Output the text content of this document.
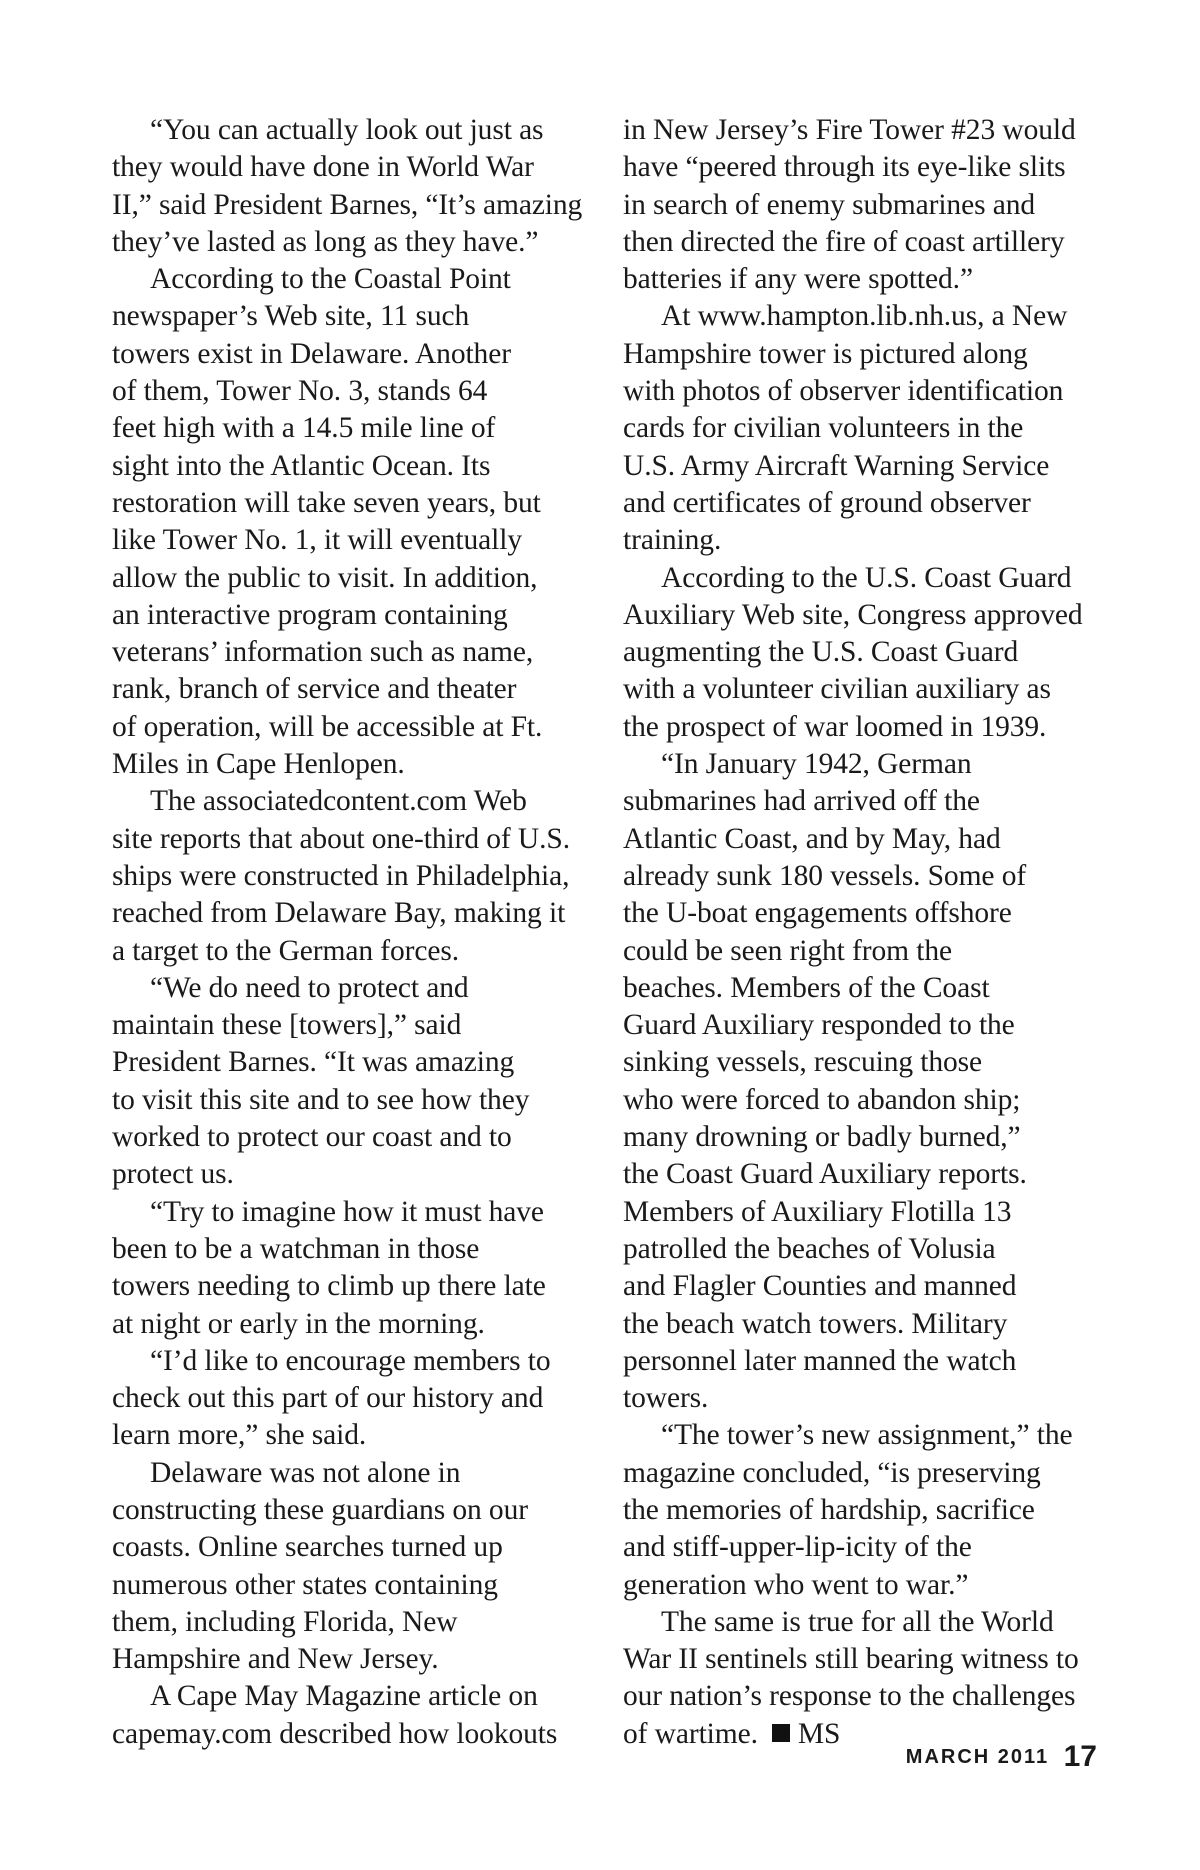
“You can actually look out just as
they would have done in World War
II,” said President Barnes, “It’s amazing
they’ve lasted as long as they have.”
According to the Coastal Point
newspaper’s Web site, 11 such
towers exist in Delaware. Another
of them, Tower No. 3, stands 64
feet high with a 14.5 mile line of
sight into the Atlantic Ocean. Its
restoration will take seven years, but
like Tower No. 1, it will eventually
allow the public to visit. In addition,
an interactive program containing
veterans’ information such as name,
rank, branch of service and theater
of operation, will be accessible at Ft.
Miles in Cape Henlopen.
The associatedcontent.com Web
site reports that about one-third of U.S.
ships were constructed in Philadelphia,
reached from Delaware Bay, making it
a target to the German forces.
“We do need to protect and
maintain these [towers],” said
President Barnes. “It was amazing
to visit this site and to see how they
worked to protect our coast and to
protect us.
“Try to imagine how it must have
been to be a watchman in those
towers needing to climb up there late
at night or early in the morning.
“I’d like to encourage members to
check out this part of our history and
learn more,” she said.
Delaware was not alone in
constructing these guardians on our
coasts. Online searches turned up
numerous other states containing
them, including Florida, New
Hampshire and New Jersey.
A Cape May Magazine article on
capemay.com described how lookouts
in New Jersey’s Fire Tower #23 would
have “peered through its eye-like slits
in search of enemy submarines and
then directed the fire of coast artillery
batteries if any were spotted.”
At www.hampton.lib.nh.us, a New
Hampshire tower is pictured along
with photos of observer identification
cards for civilian volunteers in the
U.S. Army Aircraft Warning Service
and certificates of ground observer
training.
According to the U.S. Coast Guard
Auxiliary Web site, Congress approved
augmenting the U.S. Coast Guard
with a volunteer civilian auxiliary as
the prospect of war loomed in 1939.
“In January 1942, German
submarines had arrived off the
Atlantic Coast, and by May, had
already sunk 180 vessels. Some of
the U-boat engagements offshore
could be seen right from the
beaches. Members of the Coast
Guard Auxiliary responded to the
sinking vessels, rescuing those
who were forced to abandon ship;
many drowning or badly burned,”
the Coast Guard Auxiliary reports.
Members of Auxiliary Flotilla 13
patrolled the beaches of Volusia
and Flagler Counties and manned
the beach watch towers. Military
personnel later manned the watch
towers.
“The tower’s new assignment,” the
magazine concluded, “is preserving
the memories of hardship, sacrifice
and stiff-upper-lip-icity of the
generation who went to war.”
The same is true for all the World
War II sentinels still bearing witness to
our nation’s response to the challenges
of wartime. MS
MARCH 2011 17
